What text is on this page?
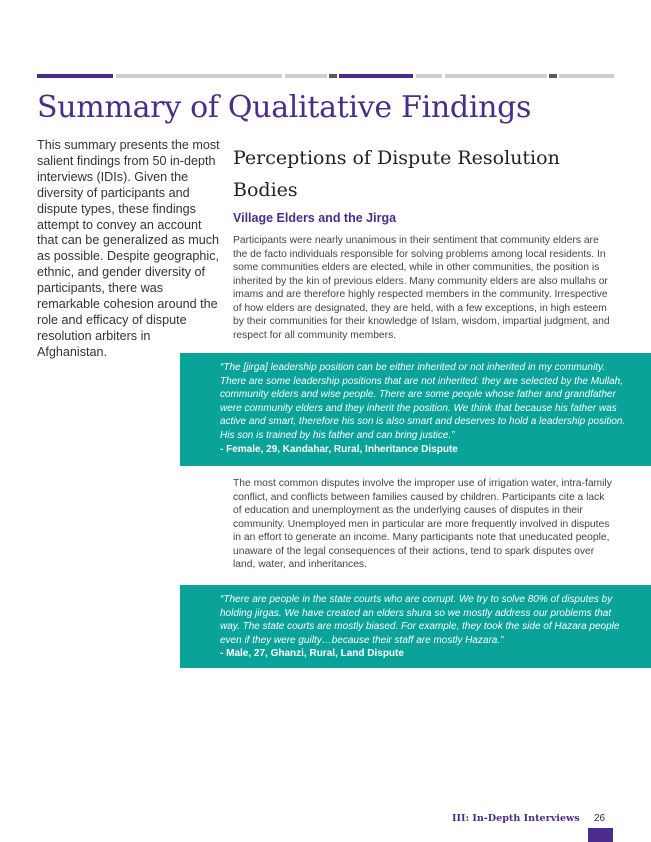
Summary of Qualitative Findings

This summary presents the most salient findings from 50 in-depth interviews (IDIs). Given the diversity of participants and dispute types, these findings attempt to convey an account that can be generalized as much as possible. Despite geographic, ethnic, and gender diversity of participants, there was remarkable cohesion around the role and efficacy of dispute resolution arbiters in Afghanistan.

Perceptions of Dispute Resolution Bodies
Village Elders and the Jirga

Participants were nearly unanimous in their sentiment that community elders are the de facto individuals responsible for solving problems among local residents. In some communities elders are elected, while in other communities, the position is inherited by the kin of previous elders. Many community elders are also mullahs or imams and are therefore highly respected members in the community. Irrespective of how elders are designated, they are held, with a few exceptions, in high esteem by their communities for their knowledge of Islam, wisdom, impartial judgment, and respect for all community members.

“The [jirga] leadership position can be either inherited or not inherited in my community. There are some leadership positions that are not inherited: they are selected by the Mullah, community elders and wise people. There are some people whose father and grandfather were community elders and they inherit the position. We think that because his father was active and smart, therefore his son is also smart and deserves to hold a leadership position. His son is trained by his father and can bring justice.”

- Female, 29, Kandahar, Rural, Inheritance Dispute

The most common disputes involve the improper use of irrigation water, intra-family conflict, and conflicts between families caused by children. Participants cite a lack of education and unemployment as the underlying causes of disputes in their community. Unemployed men in particular are more frequently involved in disputes in an effort to generate an income. Many participants note that uneducated people, unaware of the legal consequences of their actions, tend to spark disputes over land, water, and inheritances.

“There are people in the state courts who are corrupt. We try to solve 80% of disputes by holding jirgas. We have created an elders shura so we mostly address our problems that way. The state courts are mostly biased. For example, they took the side of Hazara people even if they were guilty…because their staff are mostly Hazara.”

- Male, 27, Ghanzi, Rural, Land Dispute

III: In-Depth Interviews 26
